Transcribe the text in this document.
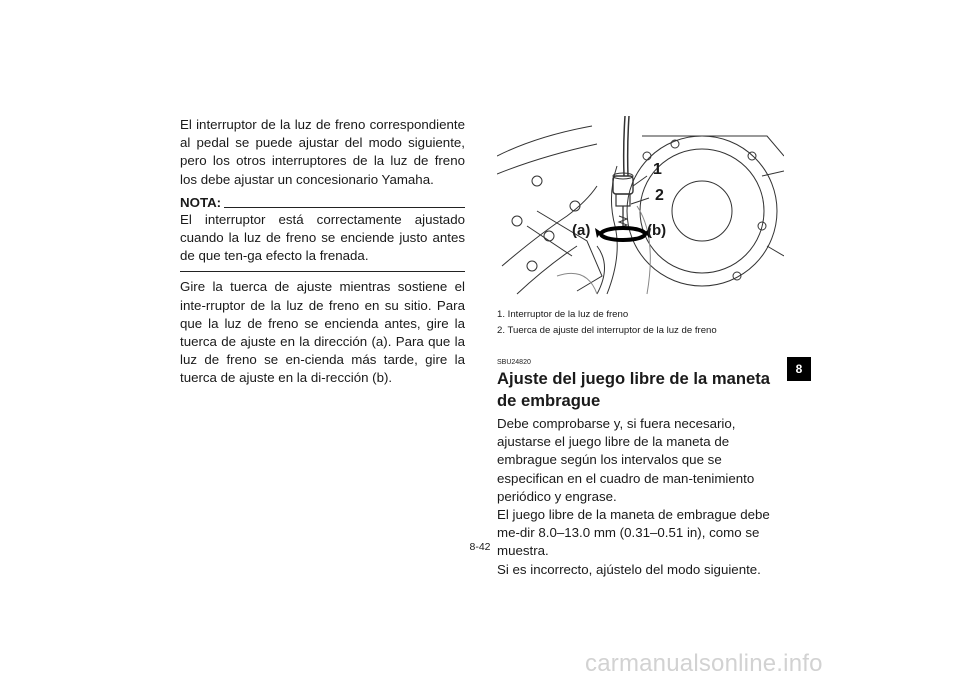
El interruptor de la luz de freno correspondiente al pedal se puede ajustar del modo siguiente, pero los otros interruptores de la luz de freno los debe ajustar un concesionario Yamaha.

NOTA:

El interruptor está correctamente ajustado cuando la luz de freno se enciende justo antes de que ten-ga efecto la frenada.

Gire la tuerca de ajuste mientras sostiene el inte-rruptor de la luz de freno en su sitio. Para que la luz de freno se encienda antes, gire la tuerca de ajuste en la dirección (a). Para que la luz de freno se en-cienda más tarde, gire la tuerca de ajuste en la di-rección (b).

1
2
(a)	(b)

1. Interruptor de la luz de freno

2. Tuerca de ajuste del interruptor de la luz de freno

SBU24820
Ajuste del juego libre de la maneta de embrague

Debe comprobarse y, si fuera necesario, ajustarse el juego libre de la maneta de embrague según los intervalos que se especifican en el cuadro de man-tenimiento periódico y engrase.

El juego libre de la maneta de embrague debe me-dir 8.0–13.0 mm (0.31–0.51 in), como se muestra.

Si es incorrecto, ajústelo del modo siguiente.

8-42
8
carmanualsonline.info
